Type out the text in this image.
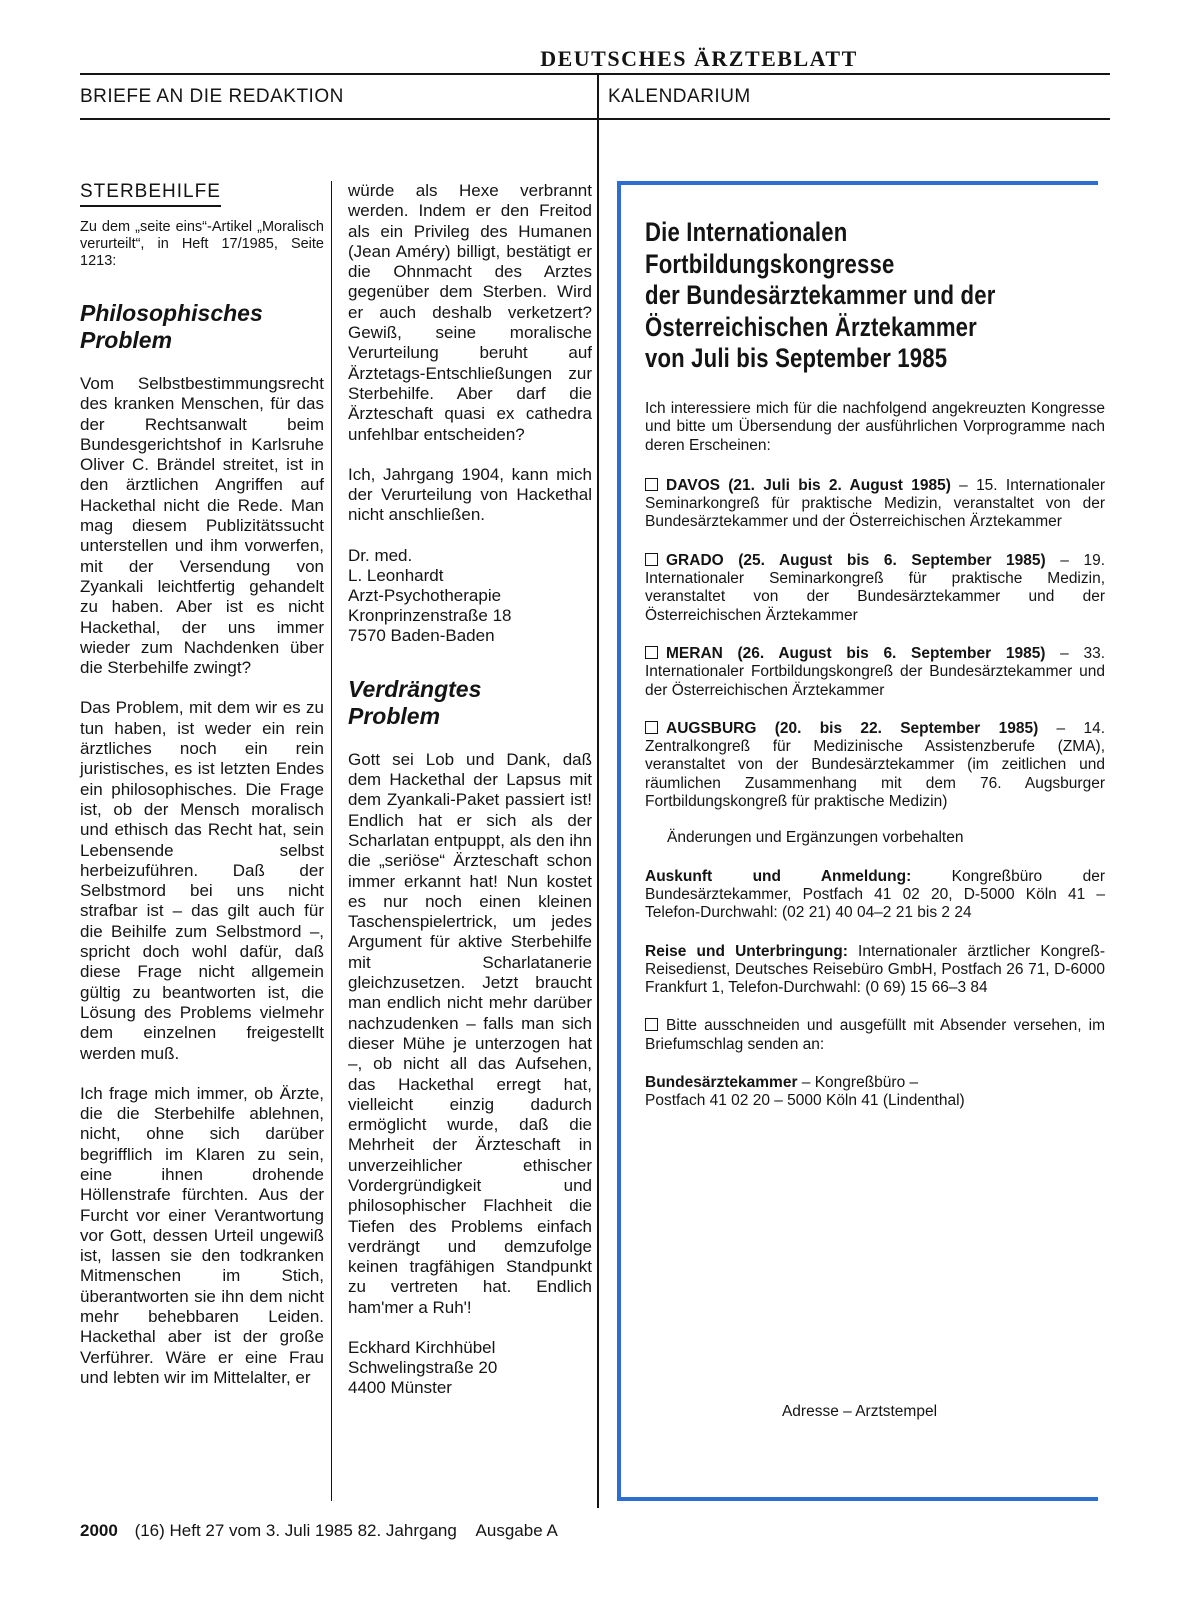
DEUTSCHES ÄRZTEBLATT
BRIEFE AN DIE REDAKTION	KALENDARIUM
STERBEHILFE
Zu dem „seite eins“-Artikel „Moralisch verurteilt“, in Heft 17/1985, Seite 1213:
Philosophisches
Problem

Vom Selbstbestimmungsrecht des kranken Menschen, für das der Rechtsanwalt beim Bundesgerichtshof in Karlsruhe Oliver C. Brändel streitet, ist in den ärztlichen Angriffen auf Hackethal nicht die Rede. Man mag diesem Publizitätssucht unterstellen und ihm vorwerfen, mit der Versendung von Zyankali leichtfertig gehandelt zu haben. Aber ist es nicht Hackethal, der uns immer wieder zum Nachdenken über die Sterbehilfe zwingt?

Das Problem, mit dem wir es zu tun haben, ist weder ein rein ärztliches noch ein rein juristisches, es ist letzten Endes ein philosophisches. Die Frage ist, ob der Mensch moralisch und ethisch das Recht hat, sein Lebensende selbst herbeizuführen. Daß der Selbstmord bei uns nicht strafbar ist – das gilt auch für die Beihilfe zum Selbstmord –, spricht doch wohl dafür, daß diese Frage nicht allgemein gültig zu beantworten ist, die Lösung des Problems vielmehr dem einzelnen freigestellt werden muß.

Ich frage mich immer, ob Ärzte, die die Sterbehilfe ablehnen, nicht, ohne sich darüber begrifflich im Klaren zu sein, eine ihnen drohende Höllenstrafe fürchten. Aus der Furcht vor einer Verantwortung vor Gott, dessen Urteil ungewiß ist, lassen sie den todkranken Mitmenschen im Stich, überantworten sie ihn dem nicht mehr behebbaren Leiden. Hackethal aber ist der große Verführer. Wäre er eine Frau und lebten wir im Mittelalter, er

würde als Hexe verbrannt werden. Indem er den Freitod als ein Privileg des Humanen (Jean Améry) billigt, bestätigt er die Ohnmacht des Arztes gegenüber dem Sterben. Wird er auch deshalb verketzert? Gewiß, seine moralische Verurteilung beruht auf Ärztetags-Entschließungen zur Sterbehilfe. Aber darf die Ärzteschaft quasi ex cathedra unfehlbar entscheiden?

Ich, Jahrgang 1904, kann mich der Verurteilung von Hackethal nicht anschließen.

Dr. med.
L. Leonhardt
Arzt-Psychotherapie
Kronprinzenstraße 18
7570 Baden-Baden
Verdrängtes
Problem

Gott sei Lob und Dank, daß dem Hackethal der Lapsus mit dem Zyankali-Paket passiert ist! Endlich hat er sich als der Scharlatan entpuppt, als den ihn die „seriöse“ Ärzteschaft schon immer erkannt hat! Nun kostet es nur noch einen kleinen Taschenspielertrick, um jedes Argument für aktive Sterbehilfe mit Scharlatanerie gleichzusetzen. Jetzt braucht man endlich nicht mehr darüber nachzudenken – falls man sich dieser Mühe je unterzogen hat –, ob nicht all das Aufsehen, das Hackethal erregt hat, vielleicht einzig dadurch ermöglicht wurde, daß die Mehrheit der Ärzteschaft in unverzeihlicher ethischer Vordergründigkeit und philosophischer Flachheit die Tiefen des Problems einfach verdrängt und demzufolge keinen tragfähigen Standpunkt zu vertreten hat. Endlich ham'mer a Ruh'!

Eckhard Kirchhübel
Schwelingstraße 20
4400 Münster
Die Internationalen
Fortbildungskongresse
der Bundesärztekammer und der
Österreichischen Ärztekammer
von Juli bis September 1985
Ich interessiere mich für die nachfolgend angekreuzten Kongresse und bitte um Übersendung der ausführlichen Vorprogramme nach deren Erscheinen:
DAVOS (21. Juli bis 2. August 1985) – 15. Internationaler Seminarkongreß für praktische Medizin, veranstaltet von der Bundesärztekammer und der Österreichischen Ärztekammer
GRADO (25. August bis 6. September 1985) – 19. Internationaler Seminarkongreß für praktische Medizin, veranstaltet von der Bundesärztekammer und der Österreichischen Ärztekammer
MERAN (26. August bis 6. September 1985) – 33. Internationaler Fortbildungskongreß der Bundesärztekammer und der Österreichischen Ärztekammer
AUGSBURG (20. bis 22. September 1985) – 14. Zentralkongreß für Medizinische Assistenzberufe (ZMA), veranstaltet von der Bundesärztekammer (im zeitlichen und räumlichen Zusammenhang mit dem 76. Augsburger Fortbildungskongreß für praktische Medizin)
Änderungen und Ergänzungen vorbehalten
Auskunft und Anmeldung: Kongreßbüro der Bundesärztekammer, Postfach 41 02 20, D-5000 Köln 41 – Telefon-Durchwahl: (02 21) 40 04–2 21 bis 2 24
Reise und Unterbringung: Internationaler ärztlicher Kongreß-Reisedienst, Deutsches Reisebüro GmbH, Postfach 26 71, D-6000 Frankfurt 1, Telefon-Durchwahl: (0 69) 15 66–3 84
Bitte ausschneiden und ausgefüllt mit Absender versehen, im Briefumschlag senden an:
Bundesärztekammer – Kongreßbüro –
Postfach 41 02 20 – 5000 Köln 41 (Lindenthal)
Adresse – Arztstempel
2000 (16) Heft 27 vom 3. Juli 1985 82. Jahrgang Ausgabe A
